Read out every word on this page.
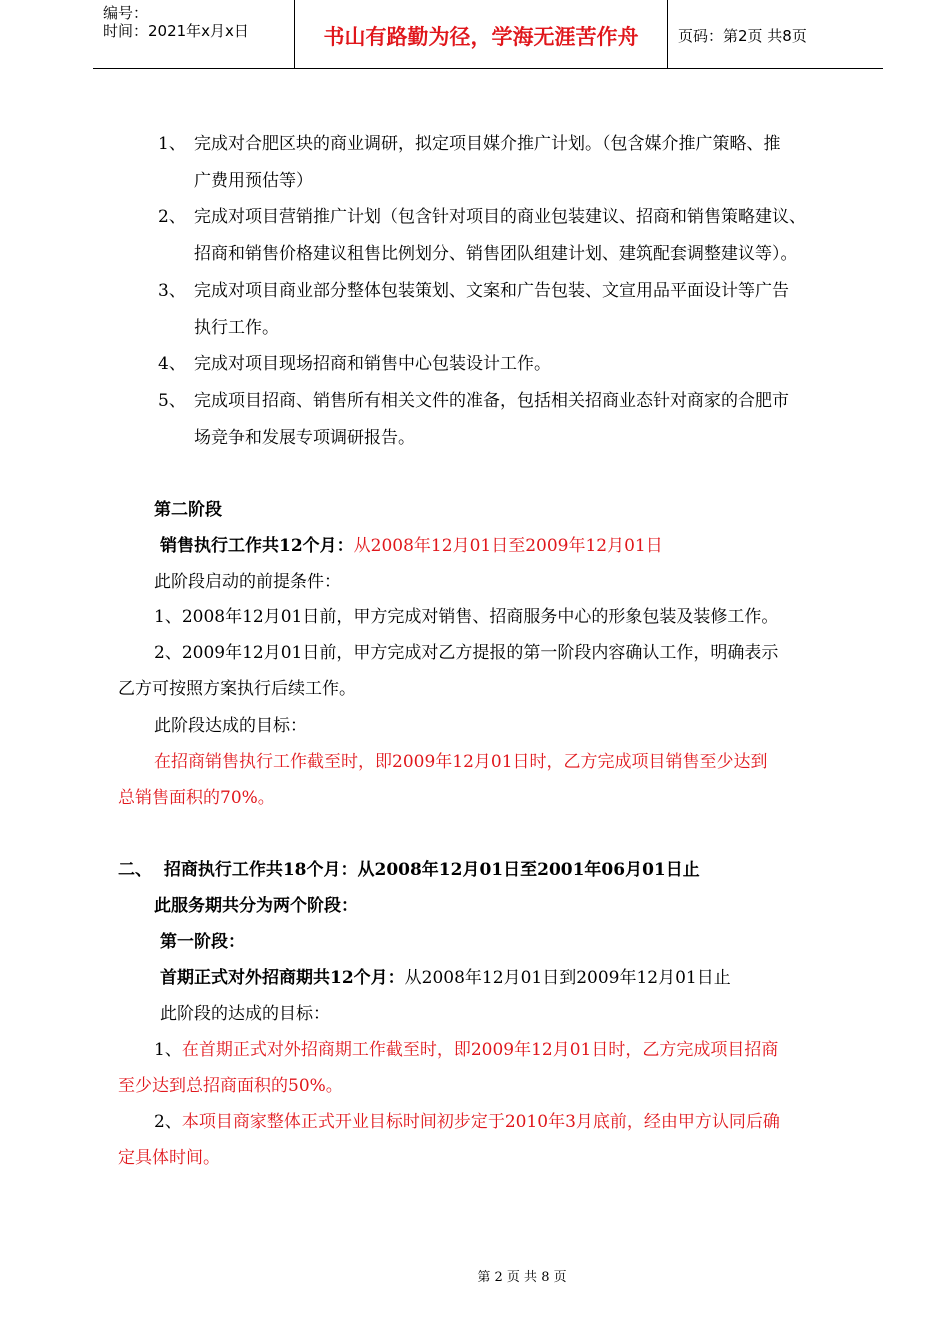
编号：
时间：2021年x月x日	书山有路勤为径，学海无涯苦作舟	页码：第2页 共8页
1、 完成对合肥区块的商业调研，拟定项目媒介推广计划。（包含媒介推广策略、推
广费用预估等）
2、 完成对项目营销推广计划（包含针对项目的商业包装建议、招商和销售策略建议、
招商和销售价格建议租售比例划分、销售团队组建计划、建筑配套调整建议等）。
3、 完成对项目商业部分整体包装策划、文案和广告包装、文宣用品平面设计等广告
执行工作。
4、 完成对项目现场招商和销售中心包装设计工作。
5、 完成项目招商、销售所有相关文件的准备，包括相关招商业态针对商家的合肥市
场竞争和发展专项调研报告。
第二阶段
销售执行工作共12个月：从2008年12月01日至2009年12月01日
此阶段启动的前提条件：
1、2008年12月01日前，甲方完成对销售、招商服务中心的形象包装及装修工作。
2、2009年12月01日前，甲方完成对乙方提报的第一阶段内容确认工作，明确表示
乙方可按照方案执行后续工作。
此阶段达成的目标：
在招商销售执行工作截至时，即2009年12月01日时，乙方完成项目销售至少达到
总销售面积的70%。
二、  招商执行工作共18个月：从2008年12月01日至2001年06月01日止
此服务期共分为两个阶段：
第一阶段：
首期正式对外招商期共12个月：从2008年12月01日到2009年12月01日止
此阶段的达成的目标：
1、在首期正式对外招商期工作截至时，即2009年12月01日时，乙方完成项目招商
至少达到总招商面积的50%。
2、本项目商家整体正式开业目标时间初步定于2010年3月底前，经由甲方认同后确
定具体时间。
第 2 页 共 8 页
